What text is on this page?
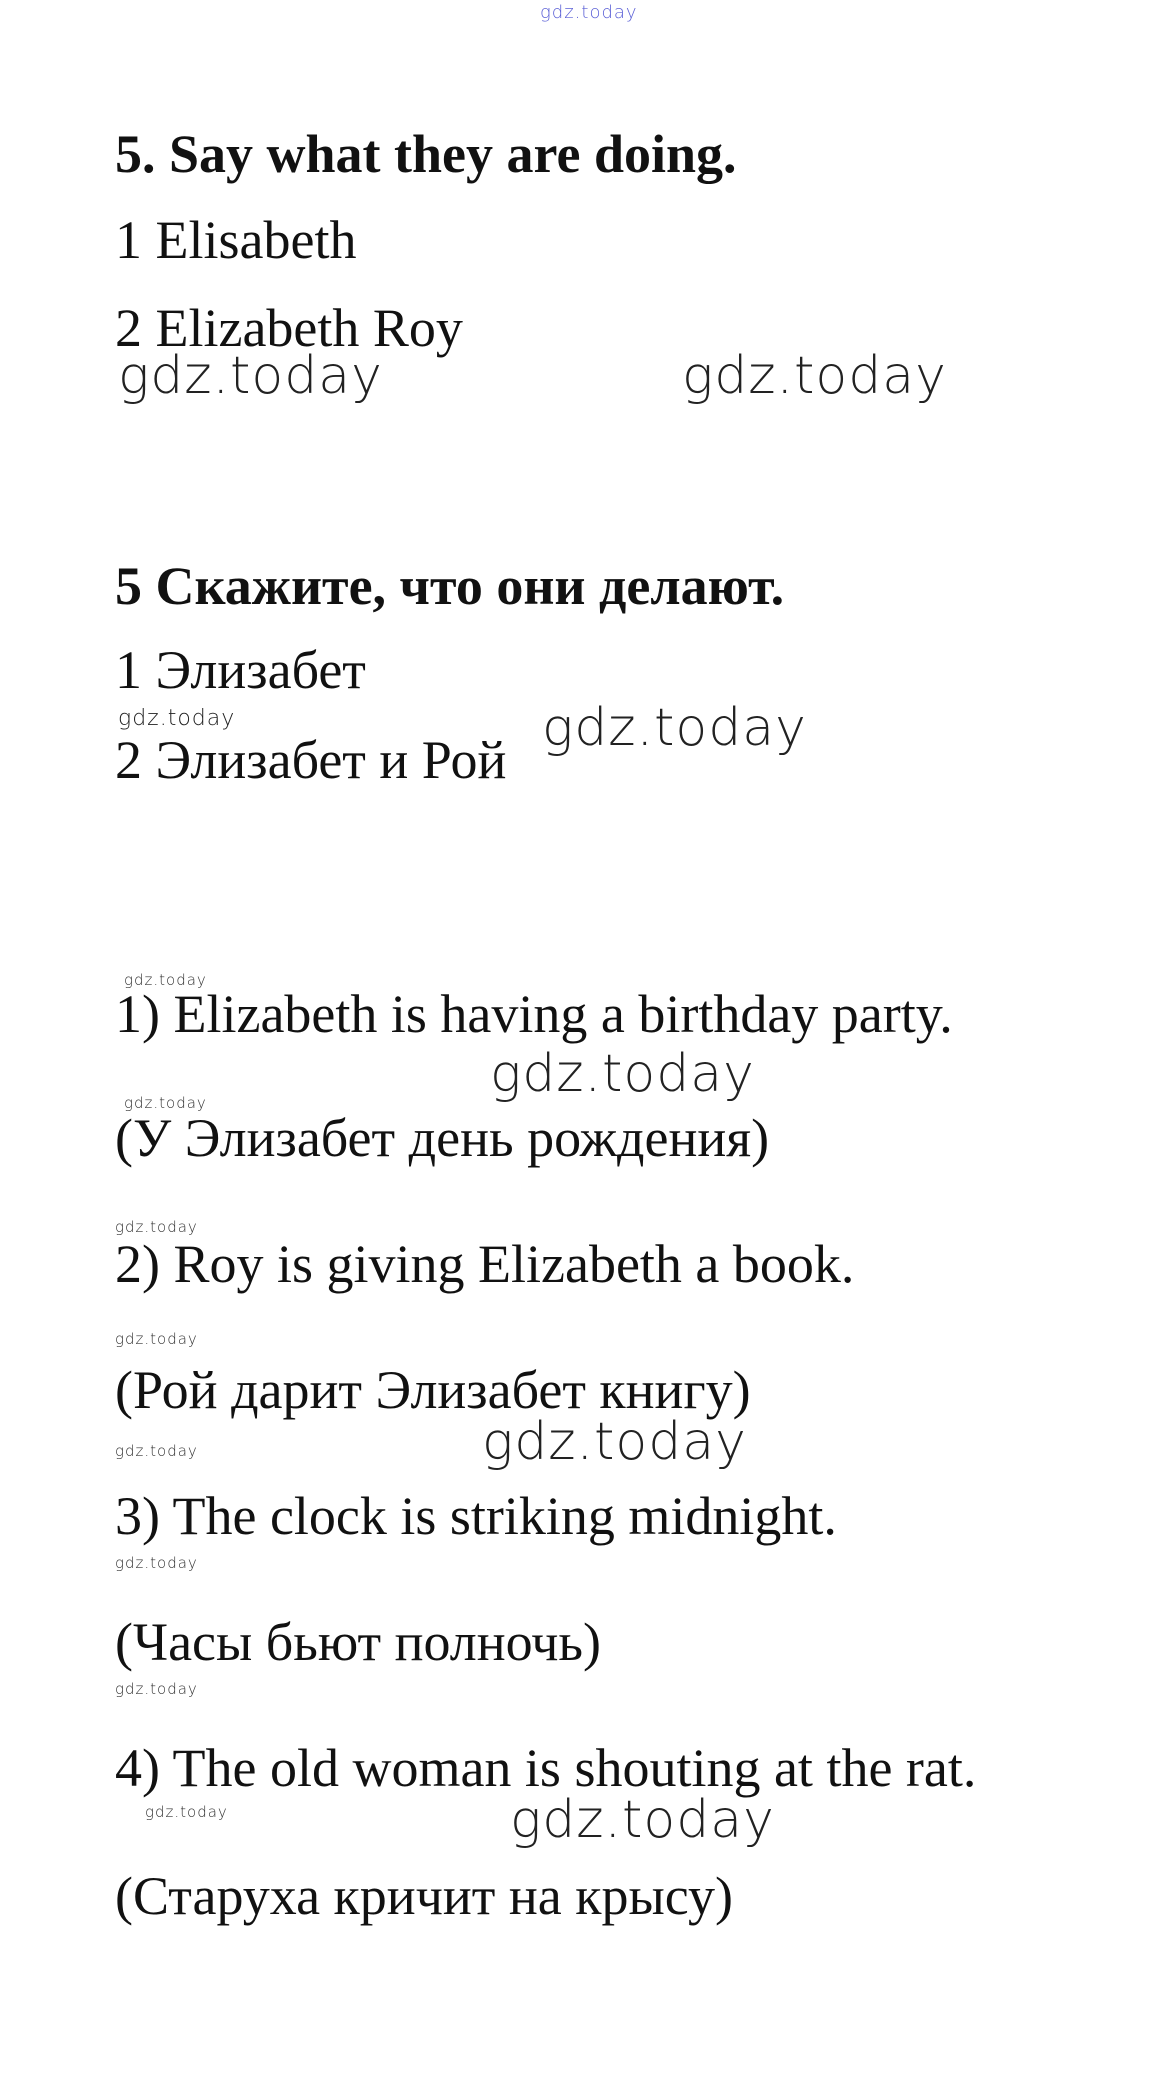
gdz.today
5. Say what they are doing.
1 Elisabeth
2 Elizabeth Roy
gdz.today	gdz.today
5 Скажите, что они делают.
1 Элизабет
gdz.today
2 Элизабет и Рой
gdz.today
gdz.today
1) Elizabeth is having a birthday party.
gdz.today
gdz.today
(У Элизабет день рождения)
gdz.today
2) Roy is giving Elizabeth a book.
gdz.today
(Рой дарит Элизабет книгу)
gdz.today
gdz.today
3) The clock is striking midnight.
gdz.today
(Часы бьют полночь)
gdz.today
4) The old woman is shouting at the rat.
gdz.today	gdz.today
(Старуха кричит на крысу)
